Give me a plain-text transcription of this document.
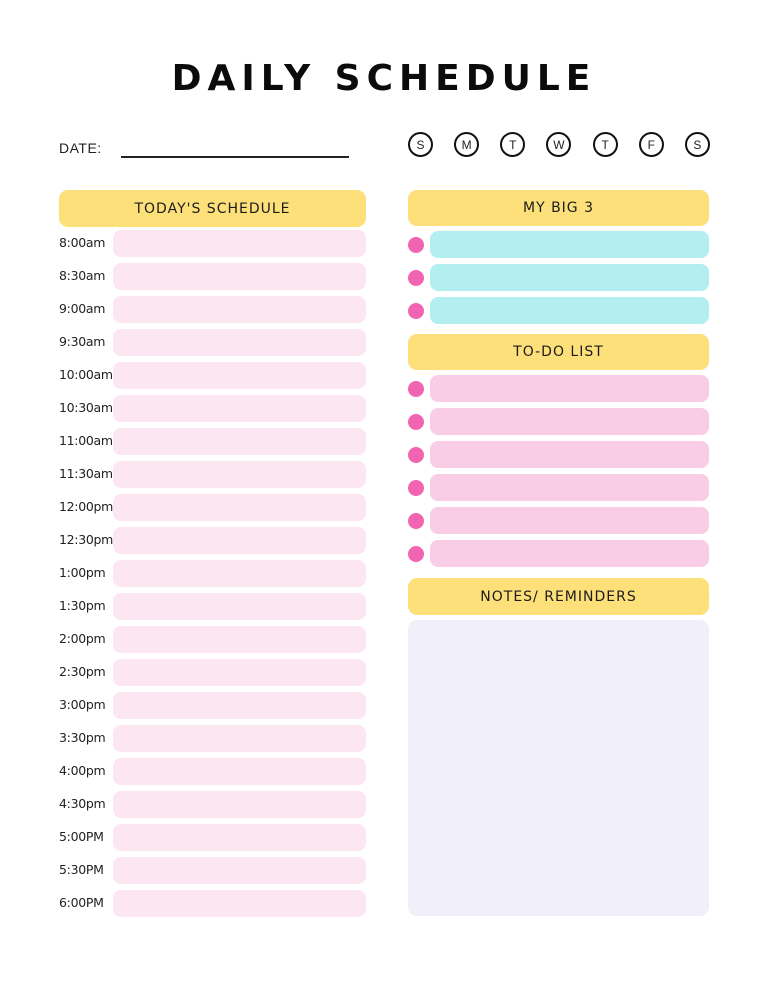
DAILY SCHEDULE
DATE:	S	M	T	W	T	F	S
TODAY'S SCHEDULE
8:00am
8:30am
9:00am
9:30am
10:00am
10:30am
11:00am
11:30am
12:00pm
12:30pm
1:00pm
1:30pm
2:00pm
2:30pm
3:00pm
3:30pm
4:00pm
4:30pm
5:00PM
5:30PM
6:00PM
MY BIG 3
TO-DO LIST
NOTES/ REMINDERS
